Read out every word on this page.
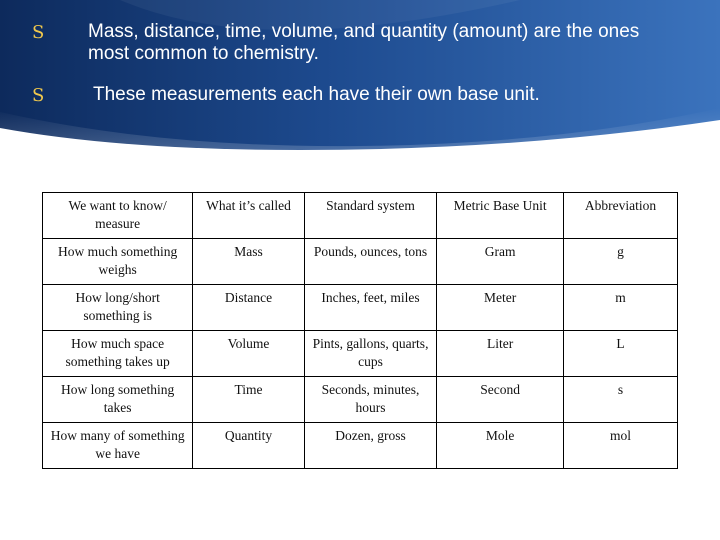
S Mass, distance, time, volume, and quantity (amount) are the ones most common to chemistry.
S	These measurements each have their own base unit.
We want to know/ measure	What it’s called	Standard system	Metric Base Unit	Abbreviation
How much something weighs	Mass	Pounds, ounces, tons	Gram	g
How long/short something is	Distance	Inches, feet, miles	Meter	m
How much space something takes up	Volume	Pints, gallons, quarts, cups	Liter	L
How long something takes	Time	Seconds, minutes, hours	Second	s
How many of something we have	Quantity	Dozen, gross	Mole	mol
